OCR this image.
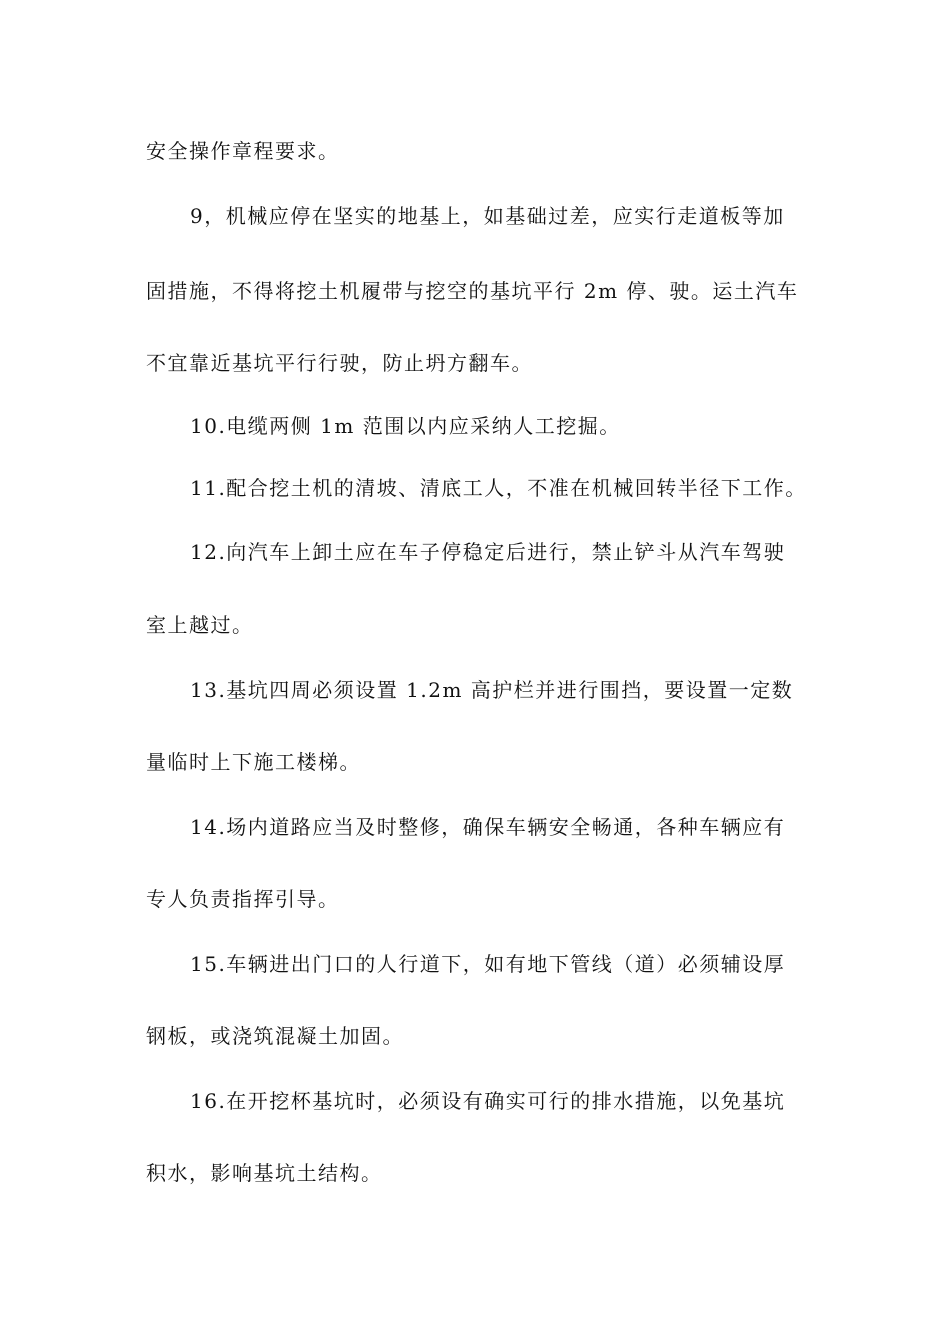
安全操作章程要求。
9，机械应停在坚实的地基上，如基础过差，应实行走道板等加
固措施，不得将挖土机履带与挖空的基坑平行 2m 停、驶。运土汽车
不宜靠近基坑平行行驶，防止坍方翻车。
10.电缆两侧 1m 范围以内应采纳人工挖掘。
11.配合挖土机的清坡、清底工人，不准在机械回转半径下工作。
12.向汽车上卸土应在车子停稳定后进行，禁止铲斗从汽车驾驶
室上越过。
13.基坑四周必须设置 1.2m 高护栏并进行围挡，要设置一定数
量临时上下施工楼梯。
14.场内道路应当及时整修，确保车辆安全畅通，各种车辆应有
专人负责指挥引导。
15.车辆进出门口的人行道下，如有地下管线（道）必须辅设厚
钢板，或浇筑混凝土加固。
16.在开挖杯基坑时，必须设有确实可行的排水措施，以免基坑
积水，影响基坑土结构。
